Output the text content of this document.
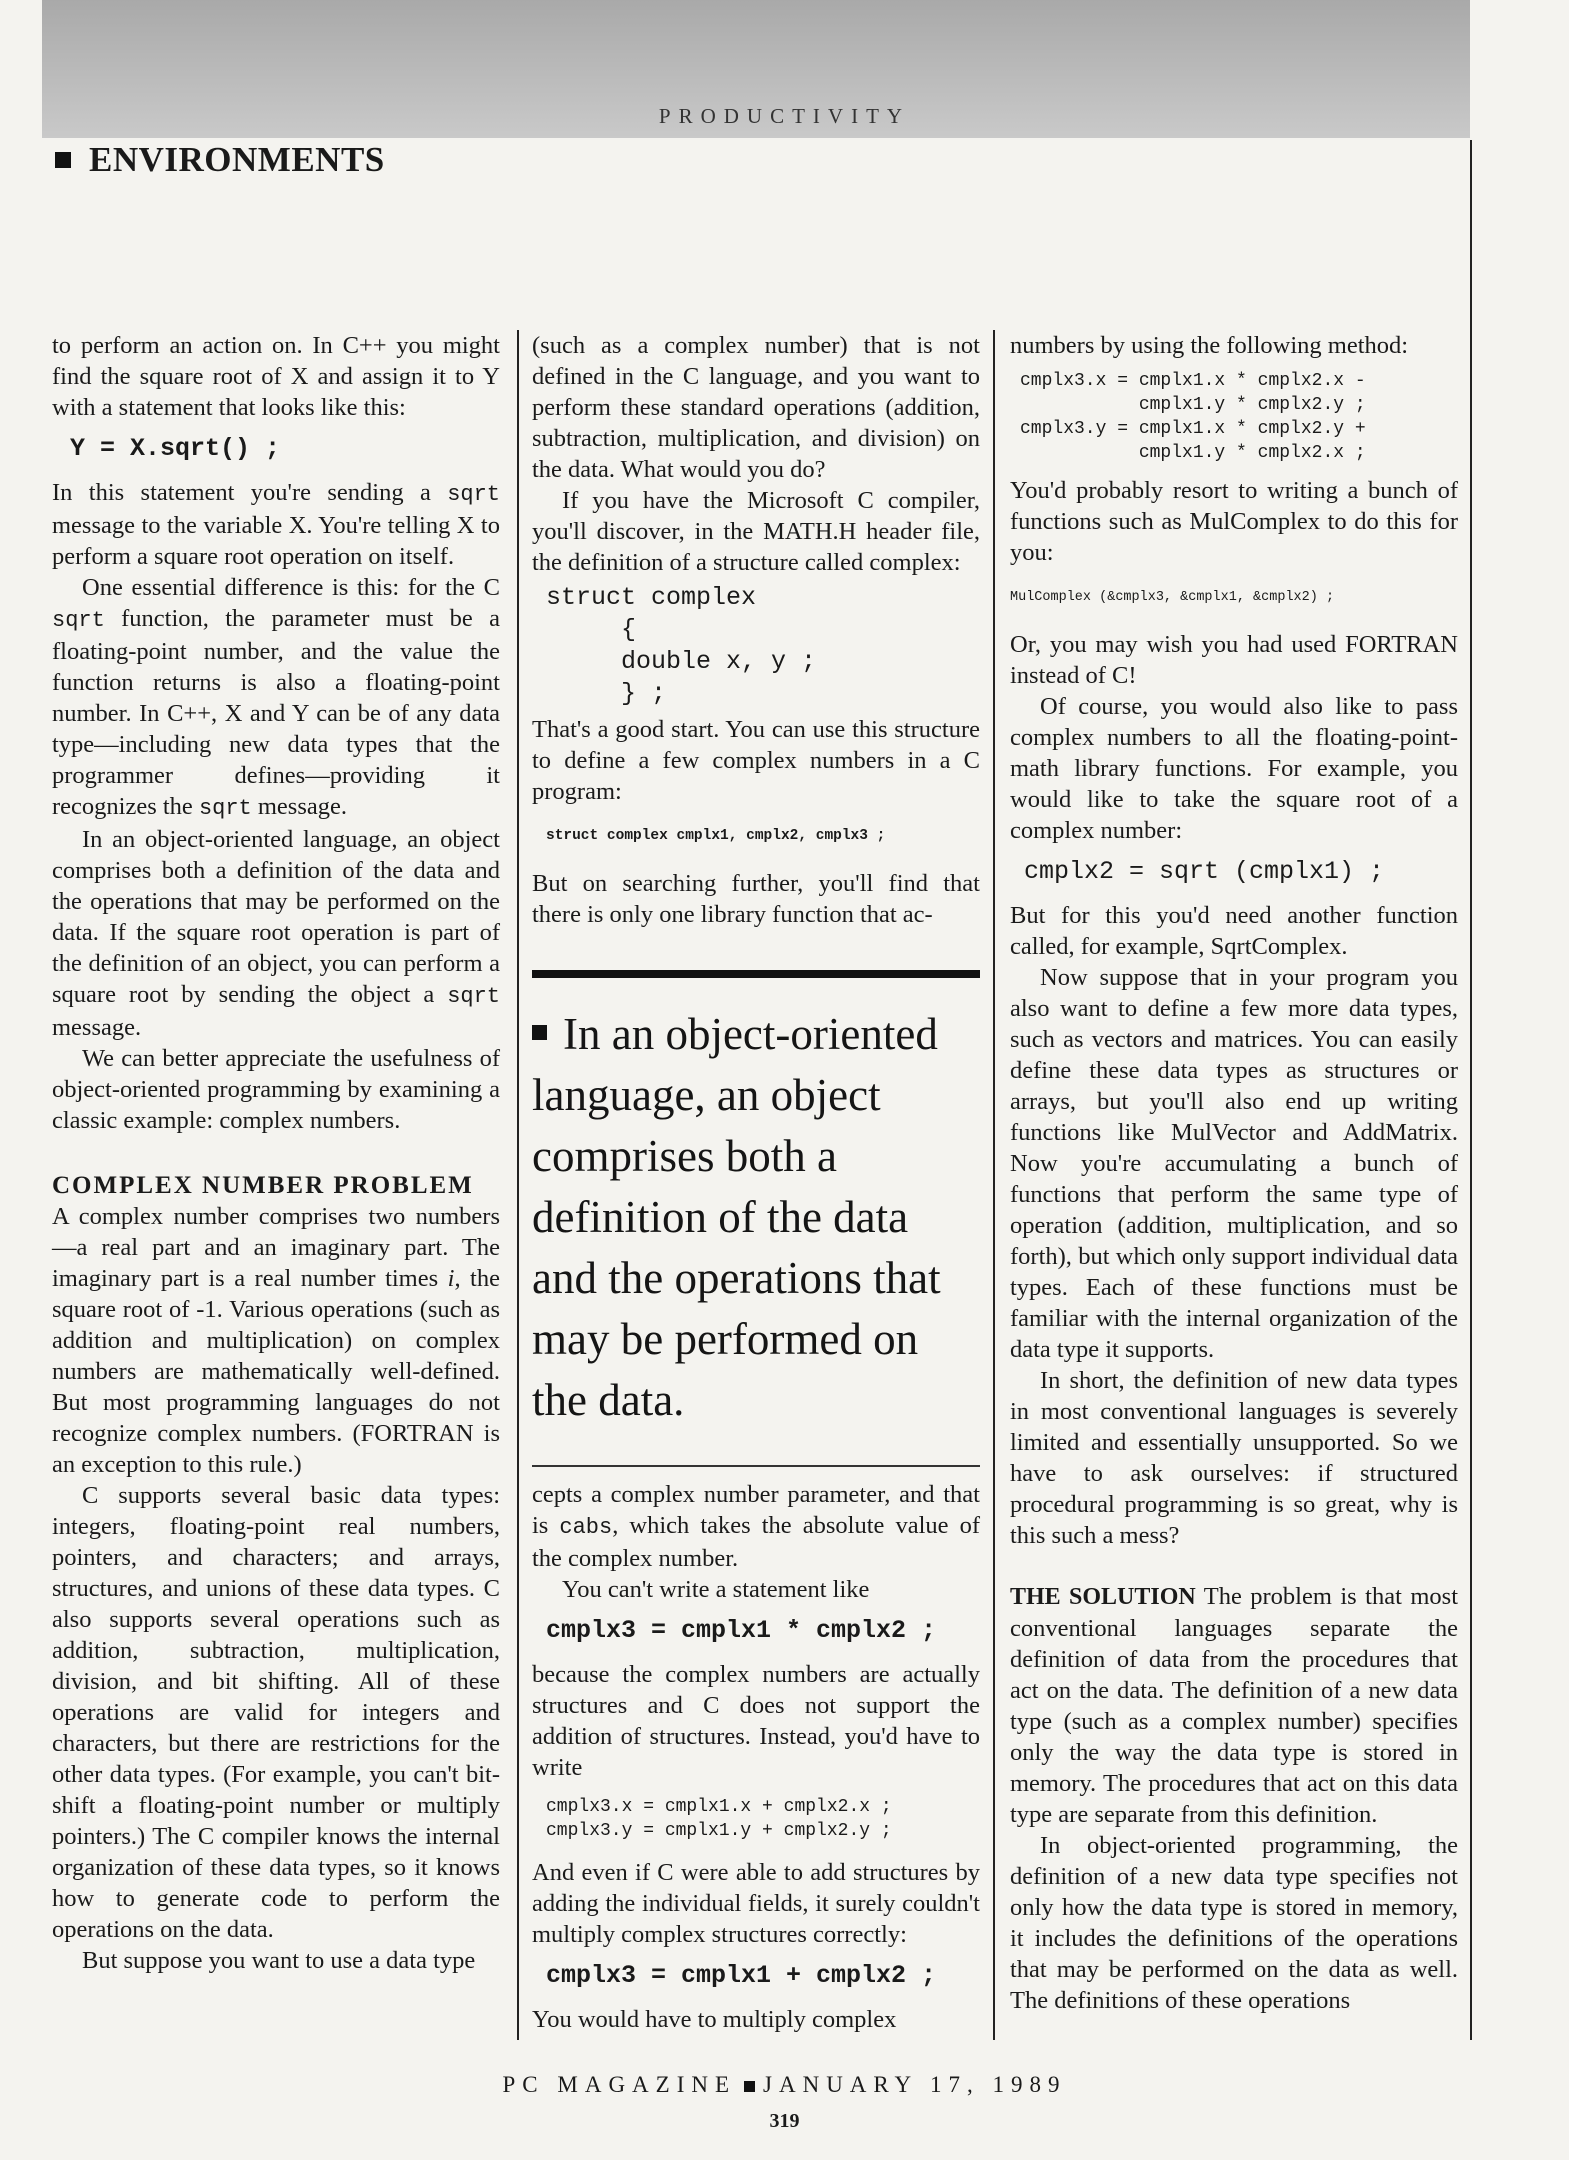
PRODUCTIVITY
ENVIRONMENTS

to perform an action on. In C++ you might find the square root of X and assign it to Y with a statement that looks like this:

Y = X.sqrt() ;

In this statement you're sending a sqrt message to the variable X. You're telling X to perform a square root operation on itself.

One essential difference is this: for the C sqrt function, the parameter must be a floating-point number, and the value the function returns is also a floating-point number. In C++, X and Y can be of any data type—including new data types that the programmer defines—providing it recognizes the sqrt message.

In an object-oriented language, an object comprises both a definition of the data and the operations that may be performed on the data. If the square root operation is part of the definition of an object, you can perform a square root by sending the object a sqrt message.

We can better appreciate the usefulness of object-oriented programming by examining a classic example: complex numbers.

COMPLEX NUMBER PROBLEM

A complex number comprises two numbers—a real part and an imaginary part. The imaginary part is a real number times i, the square root of -1. Various operations (such as addition and multiplication) on complex numbers are mathematically well-defined. But most programming languages do not recognize complex numbers. (FORTRAN is an exception to this rule.)

C supports several basic data types: integers, floating-point real numbers, pointers, and characters; and arrays, structures, and unions of these data types. C also supports several operations such as addition, subtraction, multiplication, division, and bit shifting. All of these operations are valid for integers and characters, but there are restrictions for the other data types. (For example, you can't bit-shift a floating-point number or multiply pointers.) The C compiler knows the internal organization of these data types, so it knows how to generate code to perform the operations on the data.

But suppose you want to use a data type

(such as a complex number) that is not defined in the C language, and you want to perform these standard operations (addition, subtraction, multiplication, and division) on the data. What would you do?

If you have the Microsoft C compiler, you'll discover, in the MATH.H header file, the definition of a structure called complex:

struct complex
{
double x, y ;
} ;

That's a good start. You can use this structure to define a few complex numbers in a C program:

struct complex cmplx1, cmplx2, cmplx3 ;

But on searching further, you'll find that there is only one library function that ac-

In an object-oriented language, an object comprises both a definition of the data and the operations that may be performed on the data.

cepts a complex number parameter, and that is cabs, which takes the absolute value of the complex number.

You can't write a statement like

cmplx3 = cmplx1 * cmplx2 ;

because the complex numbers are actually structures and C does not support the addition of structures. Instead, you'd have to write

cmplx3.x = cmplx1.x + cmplx2.x ;
cmplx3.y = cmplx1.y + cmplx2.y ;

And even if C were able to add structures by adding the individual fields, it surely couldn't multiply complex structures correctly:

cmplx3 = cmplx1 + cmplx2 ;

You would have to multiply complex

numbers by using the following method:

cmplx3.x = cmplx1.x * cmplx2.x -
cmplx1.y * cmplx2.y ;
cmplx3.y = cmplx1.x * cmplx2.y +
cmplx1.y * cmplx2.x ;

You'd probably resort to writing a bunch of functions such as MulComplex to do this for you:

MulComplex (&cmplx3, &cmplx1, &cmplx2) ;

Or, you may wish you had used FORTRAN instead of C!

Of course, you would also like to pass complex numbers to all the floating-point-math library functions. For example, you would like to take the square root of a complex number:

cmplx2 = sqrt (cmplx1) ;

But for this you'd need another function called, for example, SqrtComplex.

Now suppose that in your program you also want to define a few more data types, such as vectors and matrices. You can easily define these data types as structures or arrays, but you'll also end up writing functions like MulVector and AddMatrix. Now you're accumulating a bunch of functions that perform the same type of operation (addition, multiplication, and so forth), but which only support individual data types. Each of these functions must be familiar with the internal organization of the data type it supports.

In short, the definition of new data types in most conventional languages is severely limited and essentially unsupported. So we have to ask ourselves: if structured procedural programming is so great, why is this such a mess?

THE SOLUTION The problem is that most conventional languages separate the definition of data from the procedures that act on the data. The definition of a new data type (such as a complex number) specifies only the way the data type is stored in memory. The procedures that act on this data type are separate from this definition.

In object-oriented programming, the definition of a new data type specifies not only how the data type is stored in memory, it includes the definitions of the operations that may be performed on the data as well. The definitions of these operations

PC MAGAZINE JANUARY 17, 1989
319
